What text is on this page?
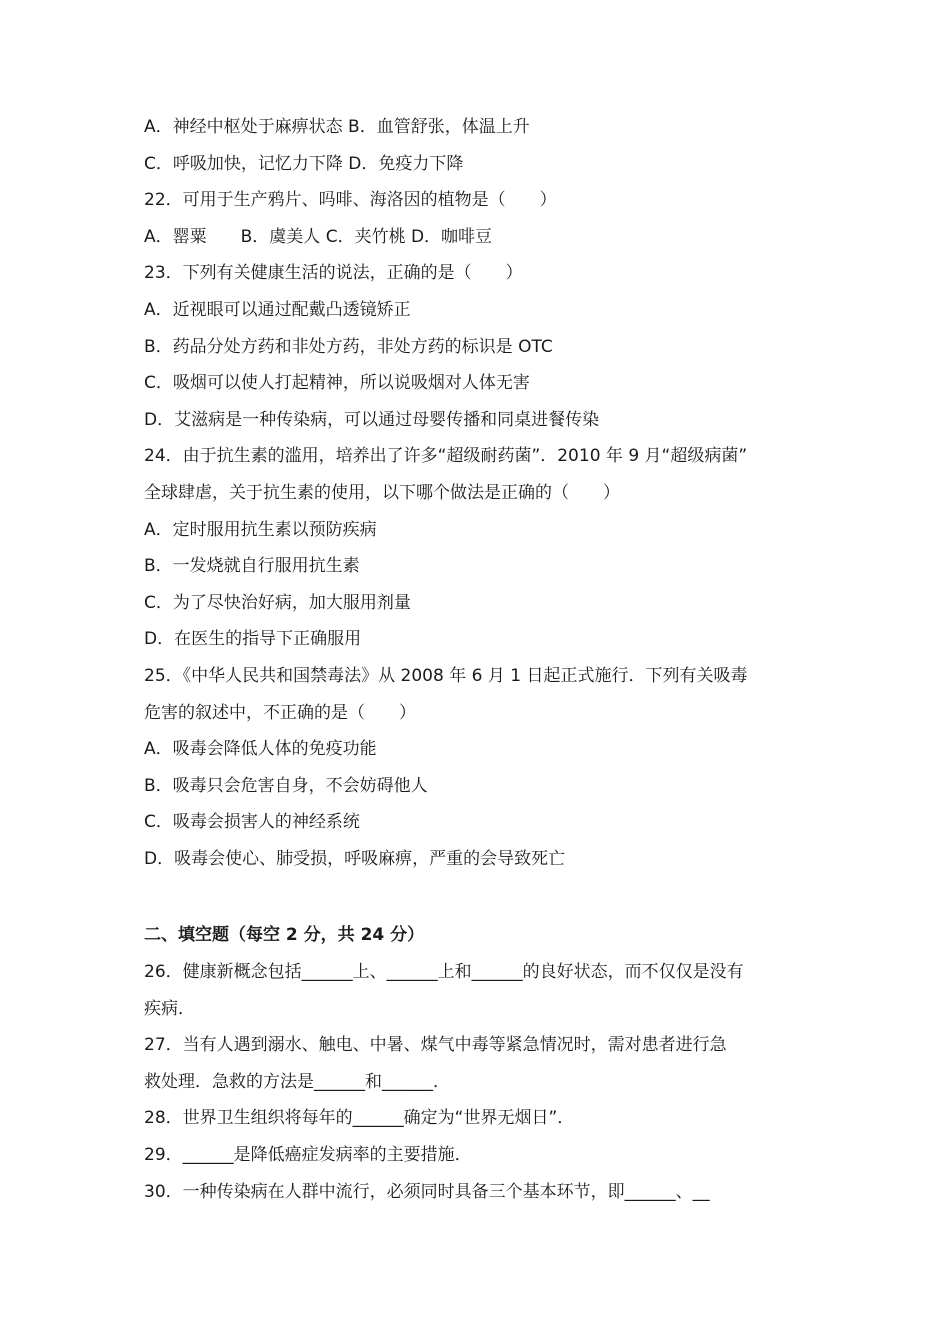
A．神经中枢处于麻痹状态 B．血管舒张，体温上升
C．呼吸加快，记忆力下降 D．免疫力下降
22．可用于生产鸦片、吗啡、海洛因的植物是（　　）
A．罂粟　　B．虞美人 C．夹竹桃 D．咖啡豆
23．下列有关健康生活的说法，正确的是（　　）
A．近视眼可以通过配戴凸透镜矫正
B．药品分处方药和非处方药，非处方药的标识是 OTC
C．吸烟可以使人打起精神，所以说吸烟对人体无害
D．艾滋病是一种传染病，可以通过母婴传播和同桌进餐传染
24．由于抗生素的滥用，培养出了许多“超级耐药菌”．2010 年 9 月“超级病菌”
全球肆虐，关于抗生素的使用，以下哪个做法是正确的（　　）
A．定时服用抗生素以预防疾病
B．一发烧就自行服用抗生素
C．为了尽快治好病，加大服用剂量
D．在医生的指导下正确服用
25．《中华人民共和国禁毒法》从 2008 年 6 月 1 日起正式施行．下列有关吸毒
危害的叙述中，不正确的是（　　）
A．吸毒会降低人体的免疫功能
B．吸毒只会危害自身，不会妨碍他人
C．吸毒会损害人的神经系统
D．吸毒会使心、肺受损，呼吸麻痹，严重的会导致死亡
二、填空题（每空 2 分，共 24 分）
26．健康新概念包括______上、______上和______的良好状态，而不仅仅是没有
疾病．
27．当有人遇到溺水、触电、中暑、煤气中毒等紧急情况时，需对患者进行急
救处理．急救的方法是______和______．
28．世界卫生组织将每年的______确定为“世界无烟日”．
29．______是降低癌症发病率的主要措施．
30．一种传染病在人群中流行，必须同时具备三个基本环节，即______、__
